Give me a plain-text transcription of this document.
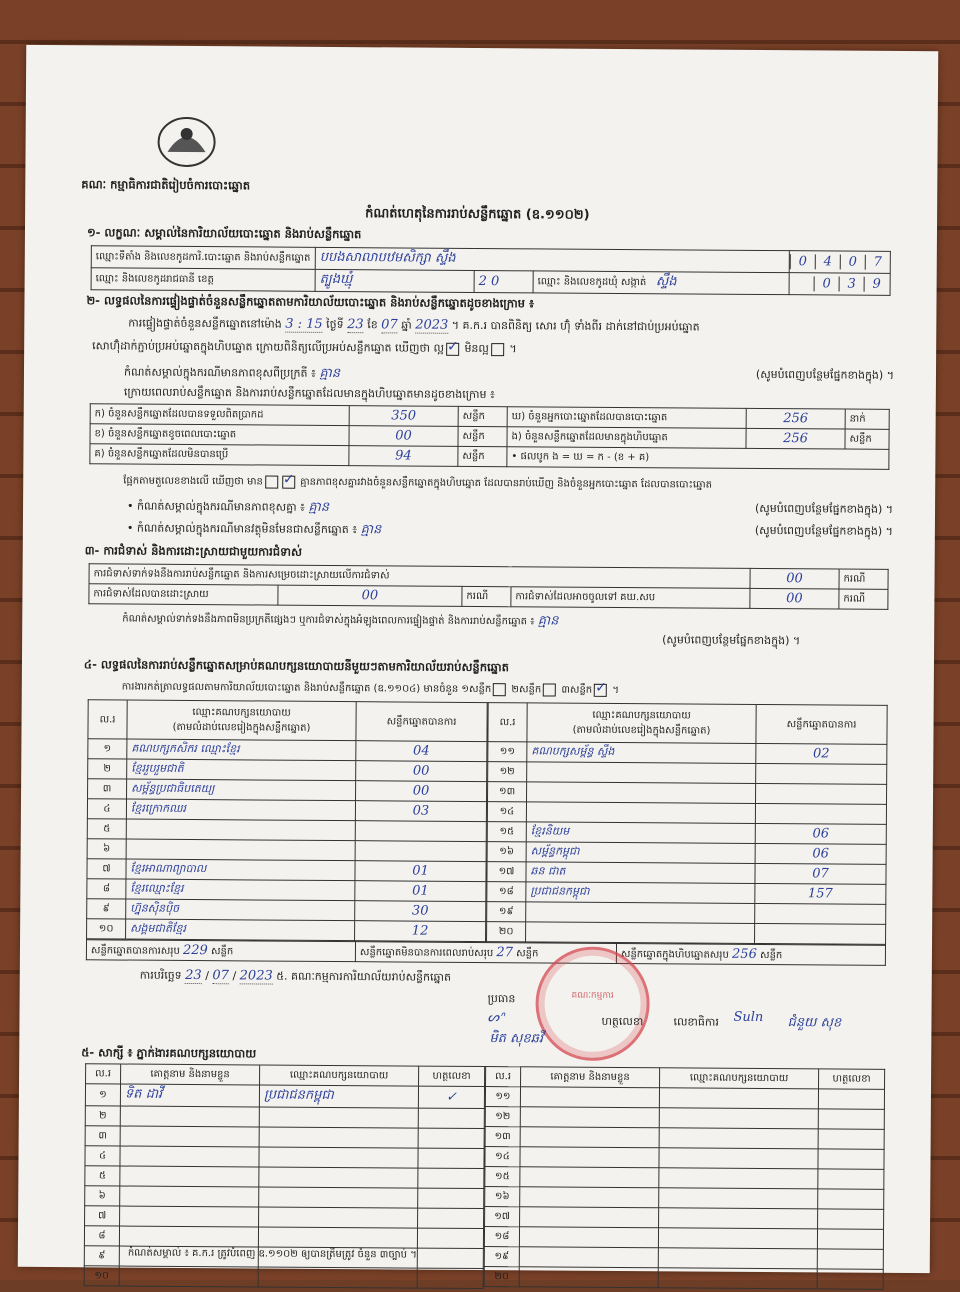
គណៈ កម្មាធិការជាតិរៀបចំការបោះឆ្នោត
កំណត់ហេតុនៃការរាប់សន្លឹកឆ្នោត (ឧ.១១០២)
១- លក្ខណៈ សម្គាល់នៃការិយាល័យបោះឆ្នោត និងរាប់សន្លឹកឆ្នោត
ឈ្មោះទីតាំង និងលេខកូដការិ.បោះឆ្នោត និងរាប់សន្លឹកឆ្នោត	បបងសាលាបឋមសិក្សា ស្ទឹង			0 4 0 7
ឈ្មោះ និងលេខកូដរាជធានី ខេត្ត	ត្បូងឃ្មុំ	2 0	ឈ្មោះ និងលេខកូដឃុំ សង្កាត់ ស្ទឹង	0 3 9
២- លទ្ធផលនៃការផ្ទៀងផ្ទាត់ចំនួនសន្លឹកឆ្នោតតាមការិយាល័យបោះឆ្នោត និងរាប់សន្លឹកឆ្នោតដូចខាងក្រោម ៖
ការផ្ទៀងផ្ទាត់ចំនួនសន្លឹកឆ្នោតនៅម៉ោង 3 : 15 ថ្ងៃទី 23 ខែ 07 ឆ្នាំ 2023 ។ គ.ក.រ បានពិនិត្យ សោរ ហ៊ុំ ទាំងពីរ ដាក់នៅជាប់ប្រអប់ឆ្នោត
សោហ៊ុំដាក់ភ្ជាប់ប្រអប់ឆ្នោតក្នុងហិបឆ្នោត ក្រោយពិនិត្យលើប្រអប់សន្លឹកឆ្នោត ឃើញថា ល្អ ✓ មិនល្អ ។
កំណត់សម្គាល់ក្នុងករណីមានភាពខុសពីប្រក្រតី ៖ គ្មាន	(សូមបំពេញបន្ថែមផ្នែកខាងក្នុង) ។
ក្រោយពេលរាប់សន្លឹកឆ្នោត និងការរាប់សន្លឹកឆ្នោតដែលមានក្នុងហិបឆ្នោតមានដូចខាងក្រោម ៖
ក) ចំនួនសន្លឹកឆ្នោតដែលបានទទួលពិតប្រាកដ	350	សន្លឹក	ឃ) ចំនួនអ្នកបោះឆ្នោតដែលបានបោះឆ្នោត	256	នាក់
ខ) ចំនួនសន្លឹកឆ្នោតខូចពេលបោះឆ្នោត	00	សន្លឹក	ង) ចំនួនសន្លឹកឆ្នោតដែលមានក្នុងហិបឆ្នោត	256	សន្លឹក
គ) ចំនួនសន្លឹកឆ្នោតដែលមិនបានប្រើ	94	សន្លឹក	• ផលបូក ង = ឃ = ក - (ខ + គ)		
ផ្អែកតាមតួលេខខាងលើ ឃើញថា មាន ✓	គ្មានភាពខុសគ្នារវាងចំនួនសន្លឹកឆ្នោតក្នុងហិបឆ្នោត ដែលបានរាប់ឃើញ និងចំនួនអ្នកបោះឆ្នោត ដែលបានបោះឆ្នោត
• កំណត់សម្គាល់ក្នុងករណីមានភាពខុសគ្នា ៖ គ្មាន	(សូមបំពេញបន្ថែមផ្នែកខាងក្នុង) ។
• កំណត់សម្គាល់ក្នុងករណីមានវត្ថុមិនមែនជាសន្លឹកឆ្នោត ៖ គ្មាន	(សូមបំពេញបន្ថែមផ្នែកខាងក្នុង) ។
៣- ការជំទាស់ និងការដោះស្រាយជាមួយការជំទាស់
ការជំទាស់ទាក់ទងនឹងការរាប់សន្លឹកឆ្នោត និងការសម្រេចដោះស្រាយលើការជំទាស់				00	ករណី
ការជំទាស់ដែលបានដោះស្រាយ	00	ករណី	ការជំទាស់ដែលអាចចូលទៅ គឃ.សប	00	ករណី
កំណត់សម្គាល់ទាក់ទងនឹងភាពមិនប្រក្រតីផ្សេងៗ ឬការជំទាស់ក្នុងអំឡុងពេលការផ្ទៀងផ្ទាត់ និងការរាប់សន្លឹកឆ្នោត ៖ គ្មាន
(សូមបំពេញបន្ថែមផ្នែកខាងក្នុង) ។
៤- លទ្ធផលនៃការរាប់សន្លឹកឆ្នោតសម្រាប់គណបក្សនយោបាយនីមួយៗតាមការិយាល័យរាប់សន្លឹកឆ្នោត
ការងារកត់ត្រាលទ្ធផលតាមការិយាល័យបោះឆ្នោត និងរាប់សន្លឹកឆ្នោត (ឧ.១១០៤) មានចំនួន ១សន្លឹក ២សន្លឹក ៣សន្លឹក✓ ។
ល.រ	ឈ្មោះគណបក្សនយោបាយ
(តាមលំដាប់លេខរៀងក្នុងសន្លឹកឆ្នោត)	សន្លឹកឆ្នោតបានការ
១	គណបក្សកសិករ ឈ្មោះខ្មែរ	04
២	ខ្មែររួបរួមជាតិ	00
៣	សម្ព័ន្ធប្រជាធិបតេយ្យ	00
៤	ខ្មែរក្រោកឈរ	03
៥		
៦		
៧	ខ្មែរអាណាព្យាបាល	01
៨	ខ្មែរឈ្មោះខ្មែរ	01
៩	ហ្វ៊ុនស៊ិនប៉ិច	30
១០	សង្គមជាតិខ្មែរ	12
ល.រ	ឈ្មោះគណបក្សនយោបាយ
(តាមលំដាប់លេខរៀងក្នុងសន្លឹកឆ្នោត)	សន្លឹកឆ្នោតបានការ
១១	គណបក្សសម្ព័ន្ធ ស្ទឹង	02
១២		
១៣		
១៤		
១៥	ខ្មែរនិយម	06
១៦	សម្ព័ន្ធកម្ពុជា	06
១៧	ឆន ជាត	07
១៨	ប្រជាជនកម្ពុជា	157
១៩		
២០		
សន្លឹកឆ្នោតបានការសរុប 229 សន្លឹក	សន្លឹកឆ្នោតមិនបានការពេលរាប់សរុប 27 សន្លឹក	សន្លឹកឆ្នោតក្នុងហិបឆ្នោតសរុប 256 សន្លឹក
ការបរិច្ឆេទ 23 / 07 / 2023 ៥. គណៈកម្មការការិយាល័យរាប់សន្លឹកឆ្នោត
គណៈកម្មការ
ប្រធាន
ᔕᐢ
មិត សុខឆវី
ហត្ថលេខា	លេខាធិការ Suln ជំនួយ សុខ
៥- សាក្សី ៖ ភ្នាក់ងារគណបក្សនយោបាយ
ល.រ	គោត្តនាម និងនាមខ្លួន	ឈ្មោះគណបក្សនយោបាយ	ហត្ថលេខា
១	ទិត ដាវី	ប្រជាជនកម្ពុជា	✓
២			
៣			
៤			
៥			
៦			
៧			
៨			
៩			
១០			
ល.រ	គោត្តនាម និងនាមខ្លួន	ឈ្មោះគណបក្សនយោបាយ	ហត្ថលេខា
១១			
១២			
១៣			
១៤			
១៥			
១៦			
១៧			
១៨			
១៩			
២០			
កំណត់សម្គាល់ ៖ គ.ក.រ ត្រូវបំពេញ ឧ.១១០២ ឲ្យបានត្រឹមត្រូវ ចំនួន ៣ច្បាប់ ។
